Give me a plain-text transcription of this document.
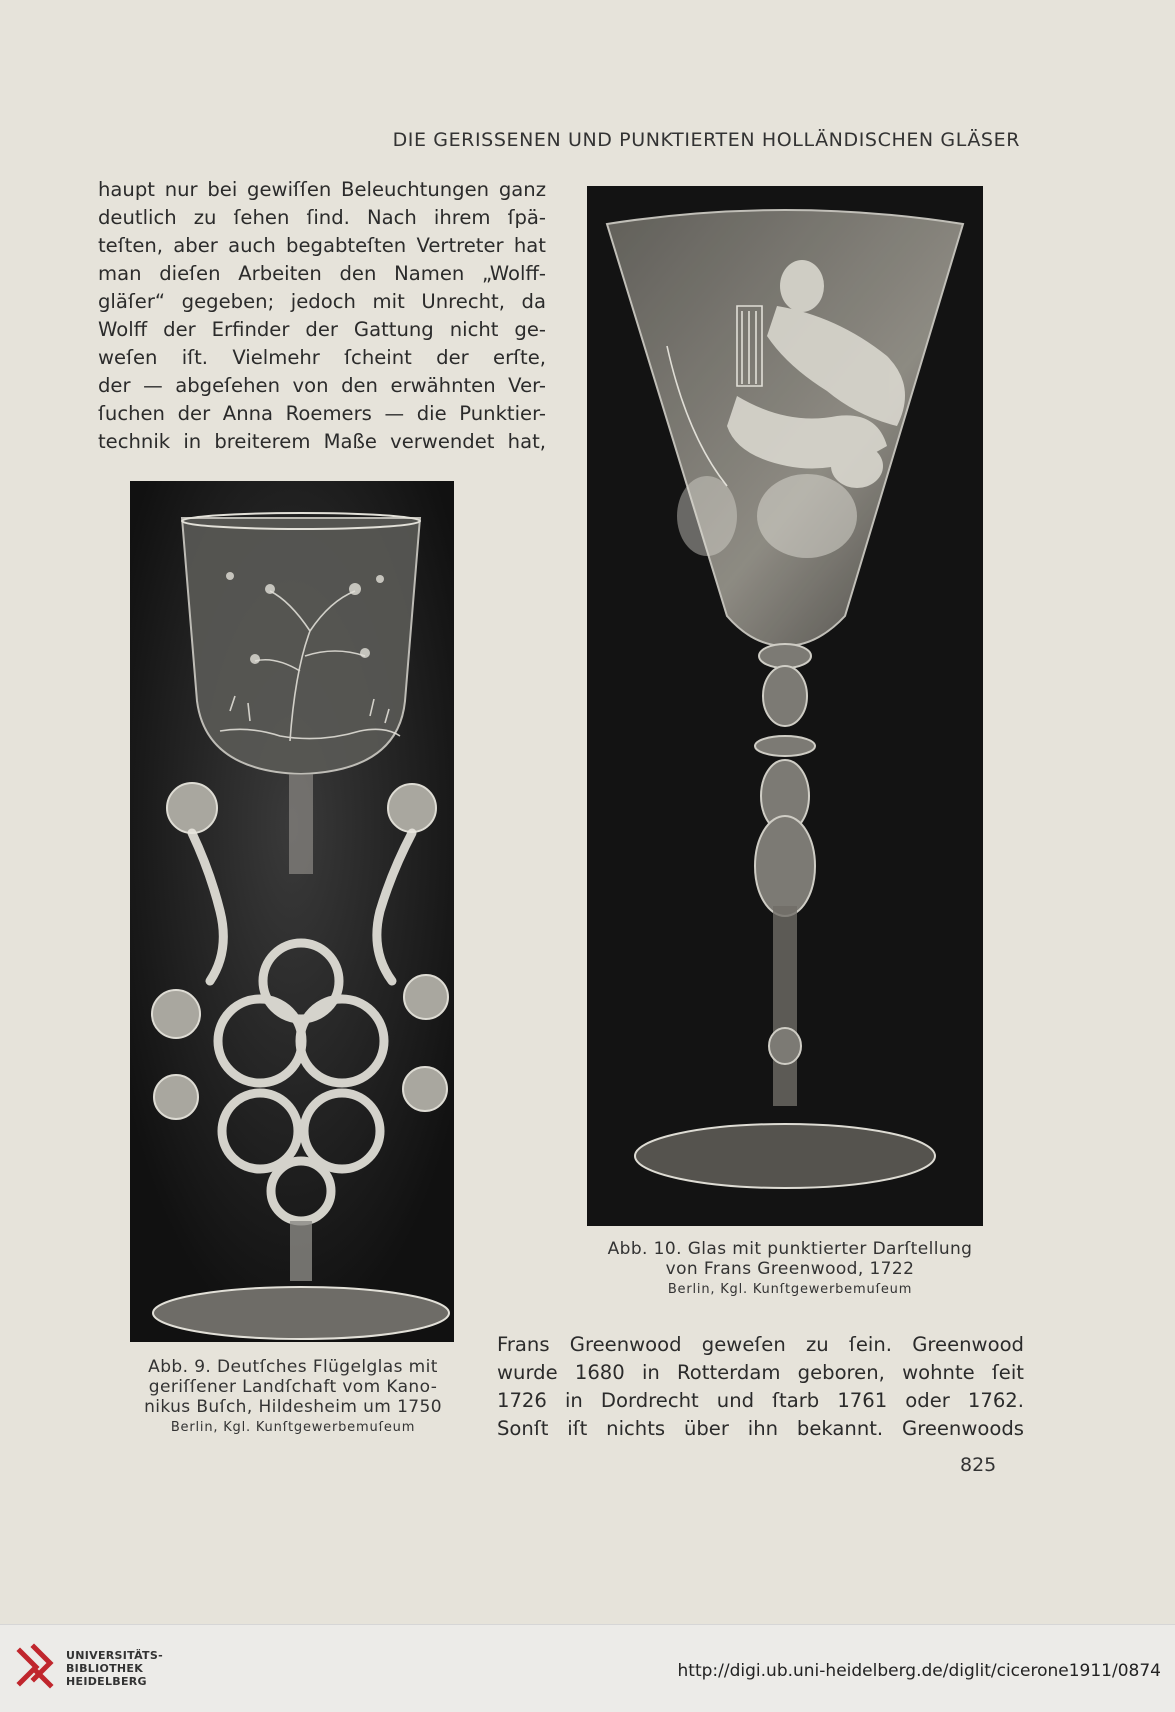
DIE GERISSENEN UND PUNKTIERTEN HOLLÄNDISCHEN GLÄSER
haupt nur bei gewiſſen Beleuchtungen ganz
deutlich zu ſehen ſind. Nach ihrem ſpä-
teſten, aber auch begabteſten Vertreter hat
man dieſen Arbeiten den Namen „Wolff-
gläſer“ gegeben; jedoch mit Unrecht, da
Wolff der Erfinder der Gattung nicht ge-
weſen iſt. Vielmehr ſcheint der erſte,
der — abgeſehen von den erwähnten Ver-
ſuchen der Anna Roemers — die Punktier-
technik in breiterem Maße verwendet hat,
Abb. 9. Deutſches Flügelglas mit
geriſſener Landſchaft vom Kano-
nikus Buſch, Hildesheim um 1750
Berlin, Kgl. Kunſtgewerbemuſeum
Abb. 10. Glas mit punktierter Darſtellung
von Frans Greenwood, 1722
Berlin, Kgl. Kunſtgewerbemuſeum
Frans Greenwood geweſen zu ſein. Greenwood
wurde 1680 in Rotterdam geboren, wohnte ſeit
1726 in Dordrecht und ſtarb 1761 oder 1762.
Sonſt iſt nichts über ihn bekannt. Greenwoods
825
UNIVERSITÄTS-
BIBLIOTHEK
HEIDELBERG
http://digi.ub.uni-heidelberg.de/diglit/cicerone1911/0874
